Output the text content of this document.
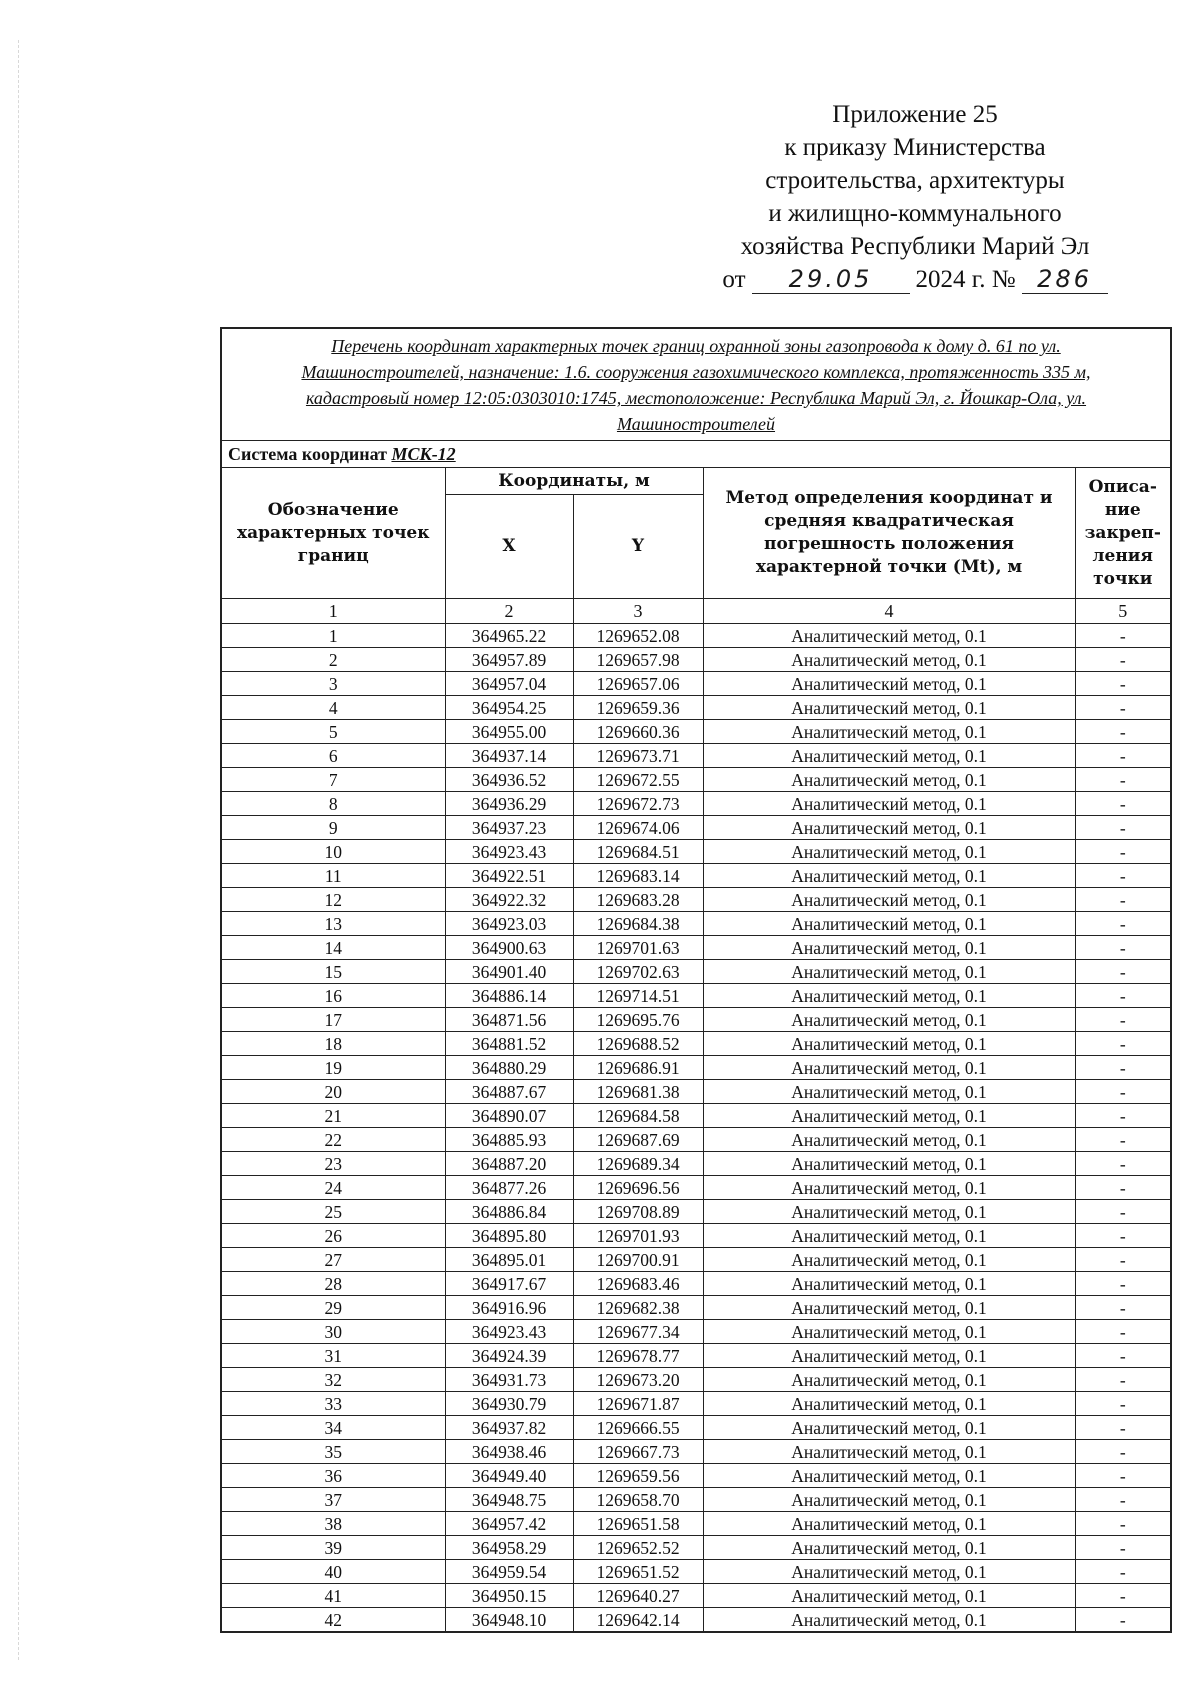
Приложение 25
к приказу Министерства
строительства, архитектуры
и жилищно-коммунального
хозяйства Республики Марий Эл
от	29.05	2024 г. № 286
Перечень координат характерных точек границ охранной зоны газопровода к дому д. 61 по ул. Машиностроителей, назначение: 1.6. сооружения газохимического комплекса, протяженность 335 м, кадастровый номер 12:05:0303010:1745, местоположение: Республика Марий Эл, г. Йошкар-Ола, ул. Машиностроителей				
Система координат МСК-12				
Обозначение характерных точек границ	Координаты, м		Метод определения координат и средняя квадратическая погрешность положения характерной точки (Mt), м	Описа-ние закреп-ления точки
	X	Y		
1	2	3	4	5
1	364965.22	1269652.08	Аналитический метод, 0.1	-
2	364957.89	1269657.98	Аналитический метод, 0.1	-
3	364957.04	1269657.06	Аналитический метод, 0.1	-
4	364954.25	1269659.36	Аналитический метод, 0.1	-
5	364955.00	1269660.36	Аналитический метод, 0.1	-
6	364937.14	1269673.71	Аналитический метод, 0.1	-
7	364936.52	1269672.55	Аналитический метод, 0.1	-
8	364936.29	1269672.73	Аналитический метод, 0.1	-
9	364937.23	1269674.06	Аналитический метод, 0.1	-
10	364923.43	1269684.51	Аналитический метод, 0.1	-
11	364922.51	1269683.14	Аналитический метод, 0.1	-
12	364922.32	1269683.28	Аналитический метод, 0.1	-
13	364923.03	1269684.38	Аналитический метод, 0.1	-
14	364900.63	1269701.63	Аналитический метод, 0.1	-
15	364901.40	1269702.63	Аналитический метод, 0.1	-
16	364886.14	1269714.51	Аналитический метод, 0.1	-
17	364871.56	1269695.76	Аналитический метод, 0.1	-
18	364881.52	1269688.52	Аналитический метод, 0.1	-
19	364880.29	1269686.91	Аналитический метод, 0.1	-
20	364887.67	1269681.38	Аналитический метод, 0.1	-
21	364890.07	1269684.58	Аналитический метод, 0.1	-
22	364885.93	1269687.69	Аналитический метод, 0.1	-
23	364887.20	1269689.34	Аналитический метод, 0.1	-
24	364877.26	1269696.56	Аналитический метод, 0.1	-
25	364886.84	1269708.89	Аналитический метод, 0.1	-
26	364895.80	1269701.93	Аналитический метод, 0.1	-
27	364895.01	1269700.91	Аналитический метод, 0.1	-
28	364917.67	1269683.46	Аналитический метод, 0.1	-
29	364916.96	1269682.38	Аналитический метод, 0.1	-
30	364923.43	1269677.34	Аналитический метод, 0.1	-
31	364924.39	1269678.77	Аналитический метод, 0.1	-
32	364931.73	1269673.20	Аналитический метод, 0.1	-
33	364930.79	1269671.87	Аналитический метод, 0.1	-
34	364937.82	1269666.55	Аналитический метод, 0.1	-
35	364938.46	1269667.73	Аналитический метод, 0.1	-
36	364949.40	1269659.56	Аналитический метод, 0.1	-
37	364948.75	1269658.70	Аналитический метод, 0.1	-
38	364957.42	1269651.58	Аналитический метод, 0.1	-
39	364958.29	1269652.52	Аналитический метод, 0.1	-
40	364959.54	1269651.52	Аналитический метод, 0.1	-
41	364950.15	1269640.27	Аналитический метод, 0.1	-
42	364948.10	1269642.14	Аналитический метод, 0.1	-
